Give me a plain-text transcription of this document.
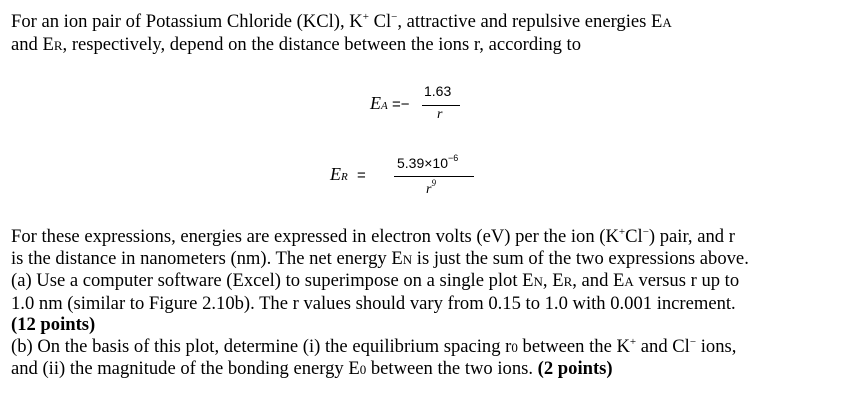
For an ion pair of Potassium Chloride (KCl), K+ Cl−, attractive and repulsive energies EA
and ER, respectively, depend on the distance between the ions r, according to

EA =−
1.63
r
ER =
$5.39\times 10^{-6}$
$r^9$

For these expressions, energies are expressed in electron volts (eV) per the ion (K+Cl−) pair, and r
is the distance in nanometers (nm). The net energy EN is just the sum of the two expressions above.
(a) Use a computer software (Excel) to superimpose on a single plot EN, ER, and EA versus r up to
1.0 nm (similar to Figure 2.10b). The r values should vary from 0.15 to 1.0 with 0.001 increment.
(12 points)
(b) On the basis of this plot, determine (i) the equilibrium spacing r0 between the K+ and Cl− ions,
and (ii) the magnitude of the bonding energy E0 between the two ions. (2 points)
